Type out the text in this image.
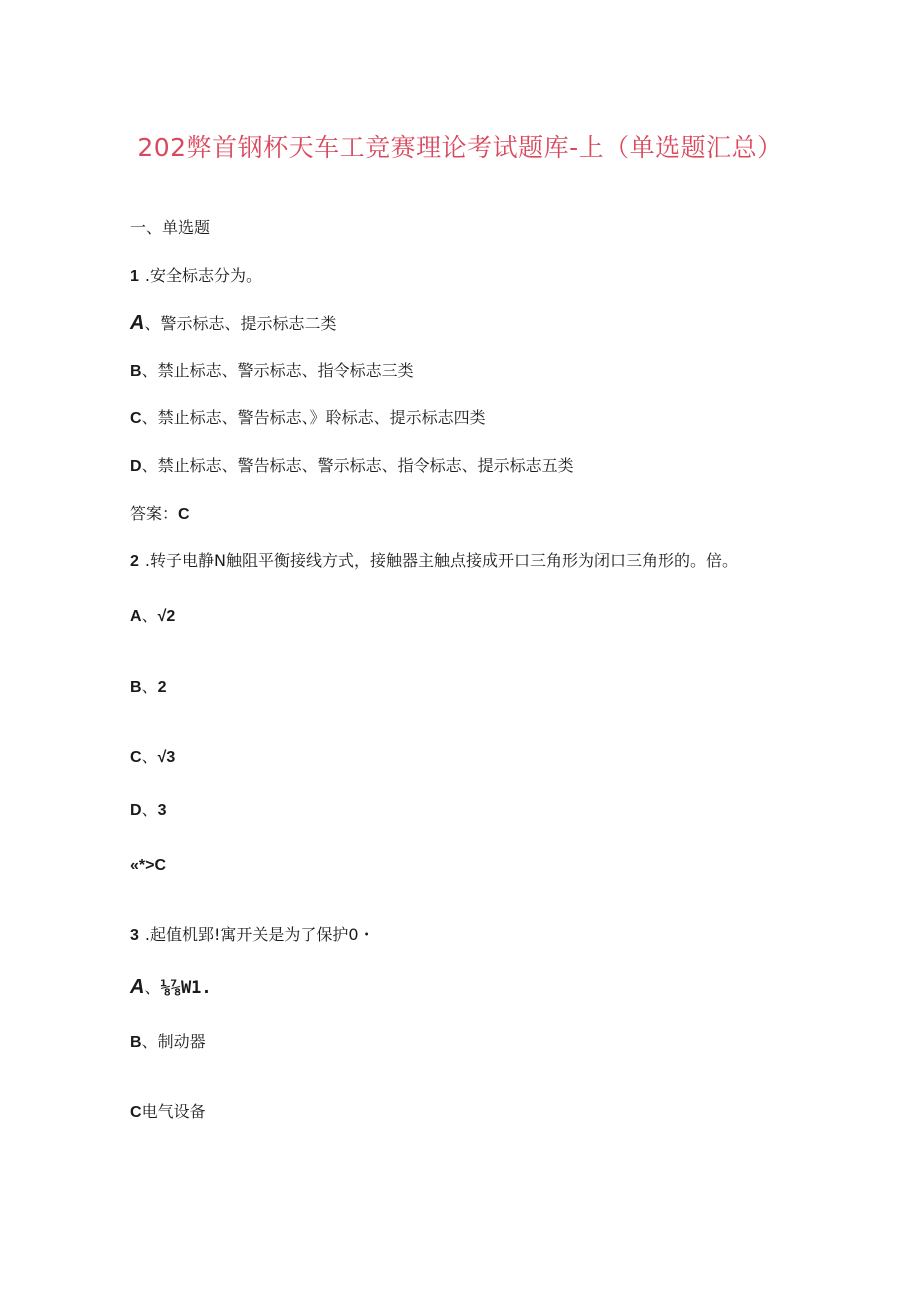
202弊首钢杯天车工竞赛理论考试题库-上（单选题汇总）
一、单选题
1 .安全标志分为。
A、警示标志、提示标志二类
B、禁止标志、警示标志、指令标志三类
C、禁止标志、警告标志、》聆标志、提示标志四类
D、禁止标志、警告标志、警示标志、指令标志、提示标志五类
答案：C
2 .转子电静N触阻平衡接线方式，接触器主触点接成开口三角形为闭口三角形的。倍。
A、√2
B、2
C、√3
D、3
«*>C
3 .起值机郢!寓开关是为了保护0・
A、⅛⅞W1.
B、制动器
C电气设备
